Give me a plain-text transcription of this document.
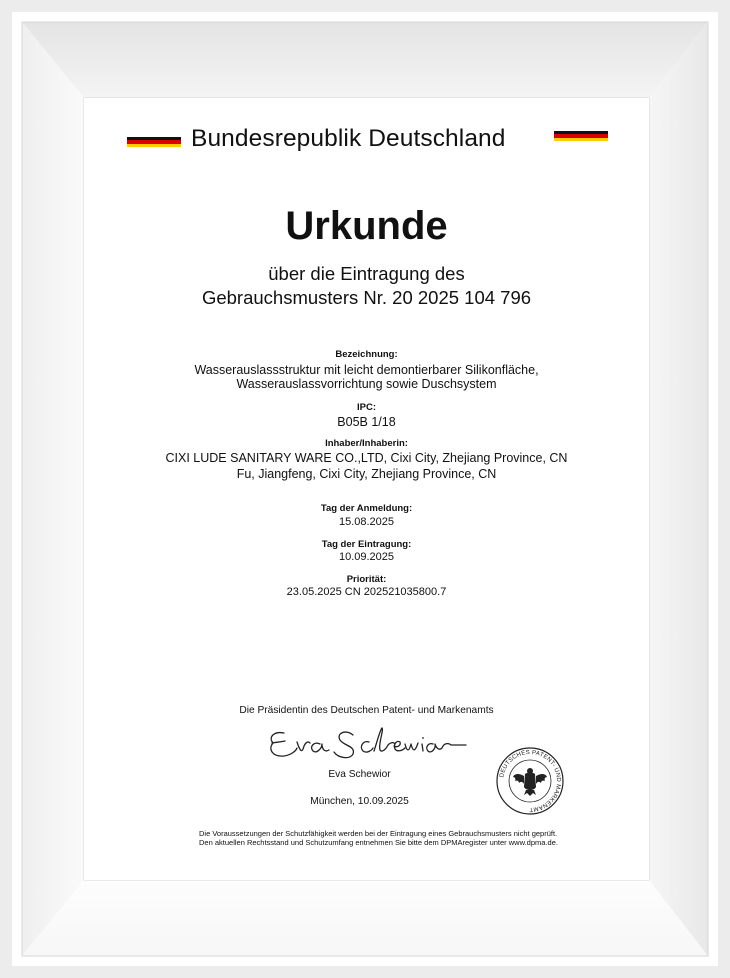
Bundesrepublik Deutschland
Urkunde
über die Eintragung des
Gebrauchsmusters Nr. 20 2025 104 796
Bezeichnung:
Wasserauslassstruktur mit leicht demontierbarer Silikonfläche,
Wasserauslassvorrichtung sowie Duschsystem
IPC:
B05B 1/18
Inhaber/Inhaberin:
CIXI LUDE SANITARY WARE CO.,LTD, Cixi City, Zhejiang Province, CN
Fu, Jiangfeng, Cixi City, Zhejiang Province, CN
Tag der Anmeldung:
15.08.2025
Tag der Eintragung:
10.09.2025
Priorität:
23.05.2025 CN 202521035800.7
Die Präsidentin des Deutschen Patent- und Markenamts
Eva Schewior
München, 10.09.2025
DEUTSCHES PATENT- UND MARKENAMT
Die Voraussetzungen der Schutzfähigkeit werden bei der Eintragung eines Gebrauchsmusters nicht geprüft.
Den aktuellen Rechtsstand und Schutzumfang entnehmen Sie bitte dem DPMAregister unter www.dpma.de.
